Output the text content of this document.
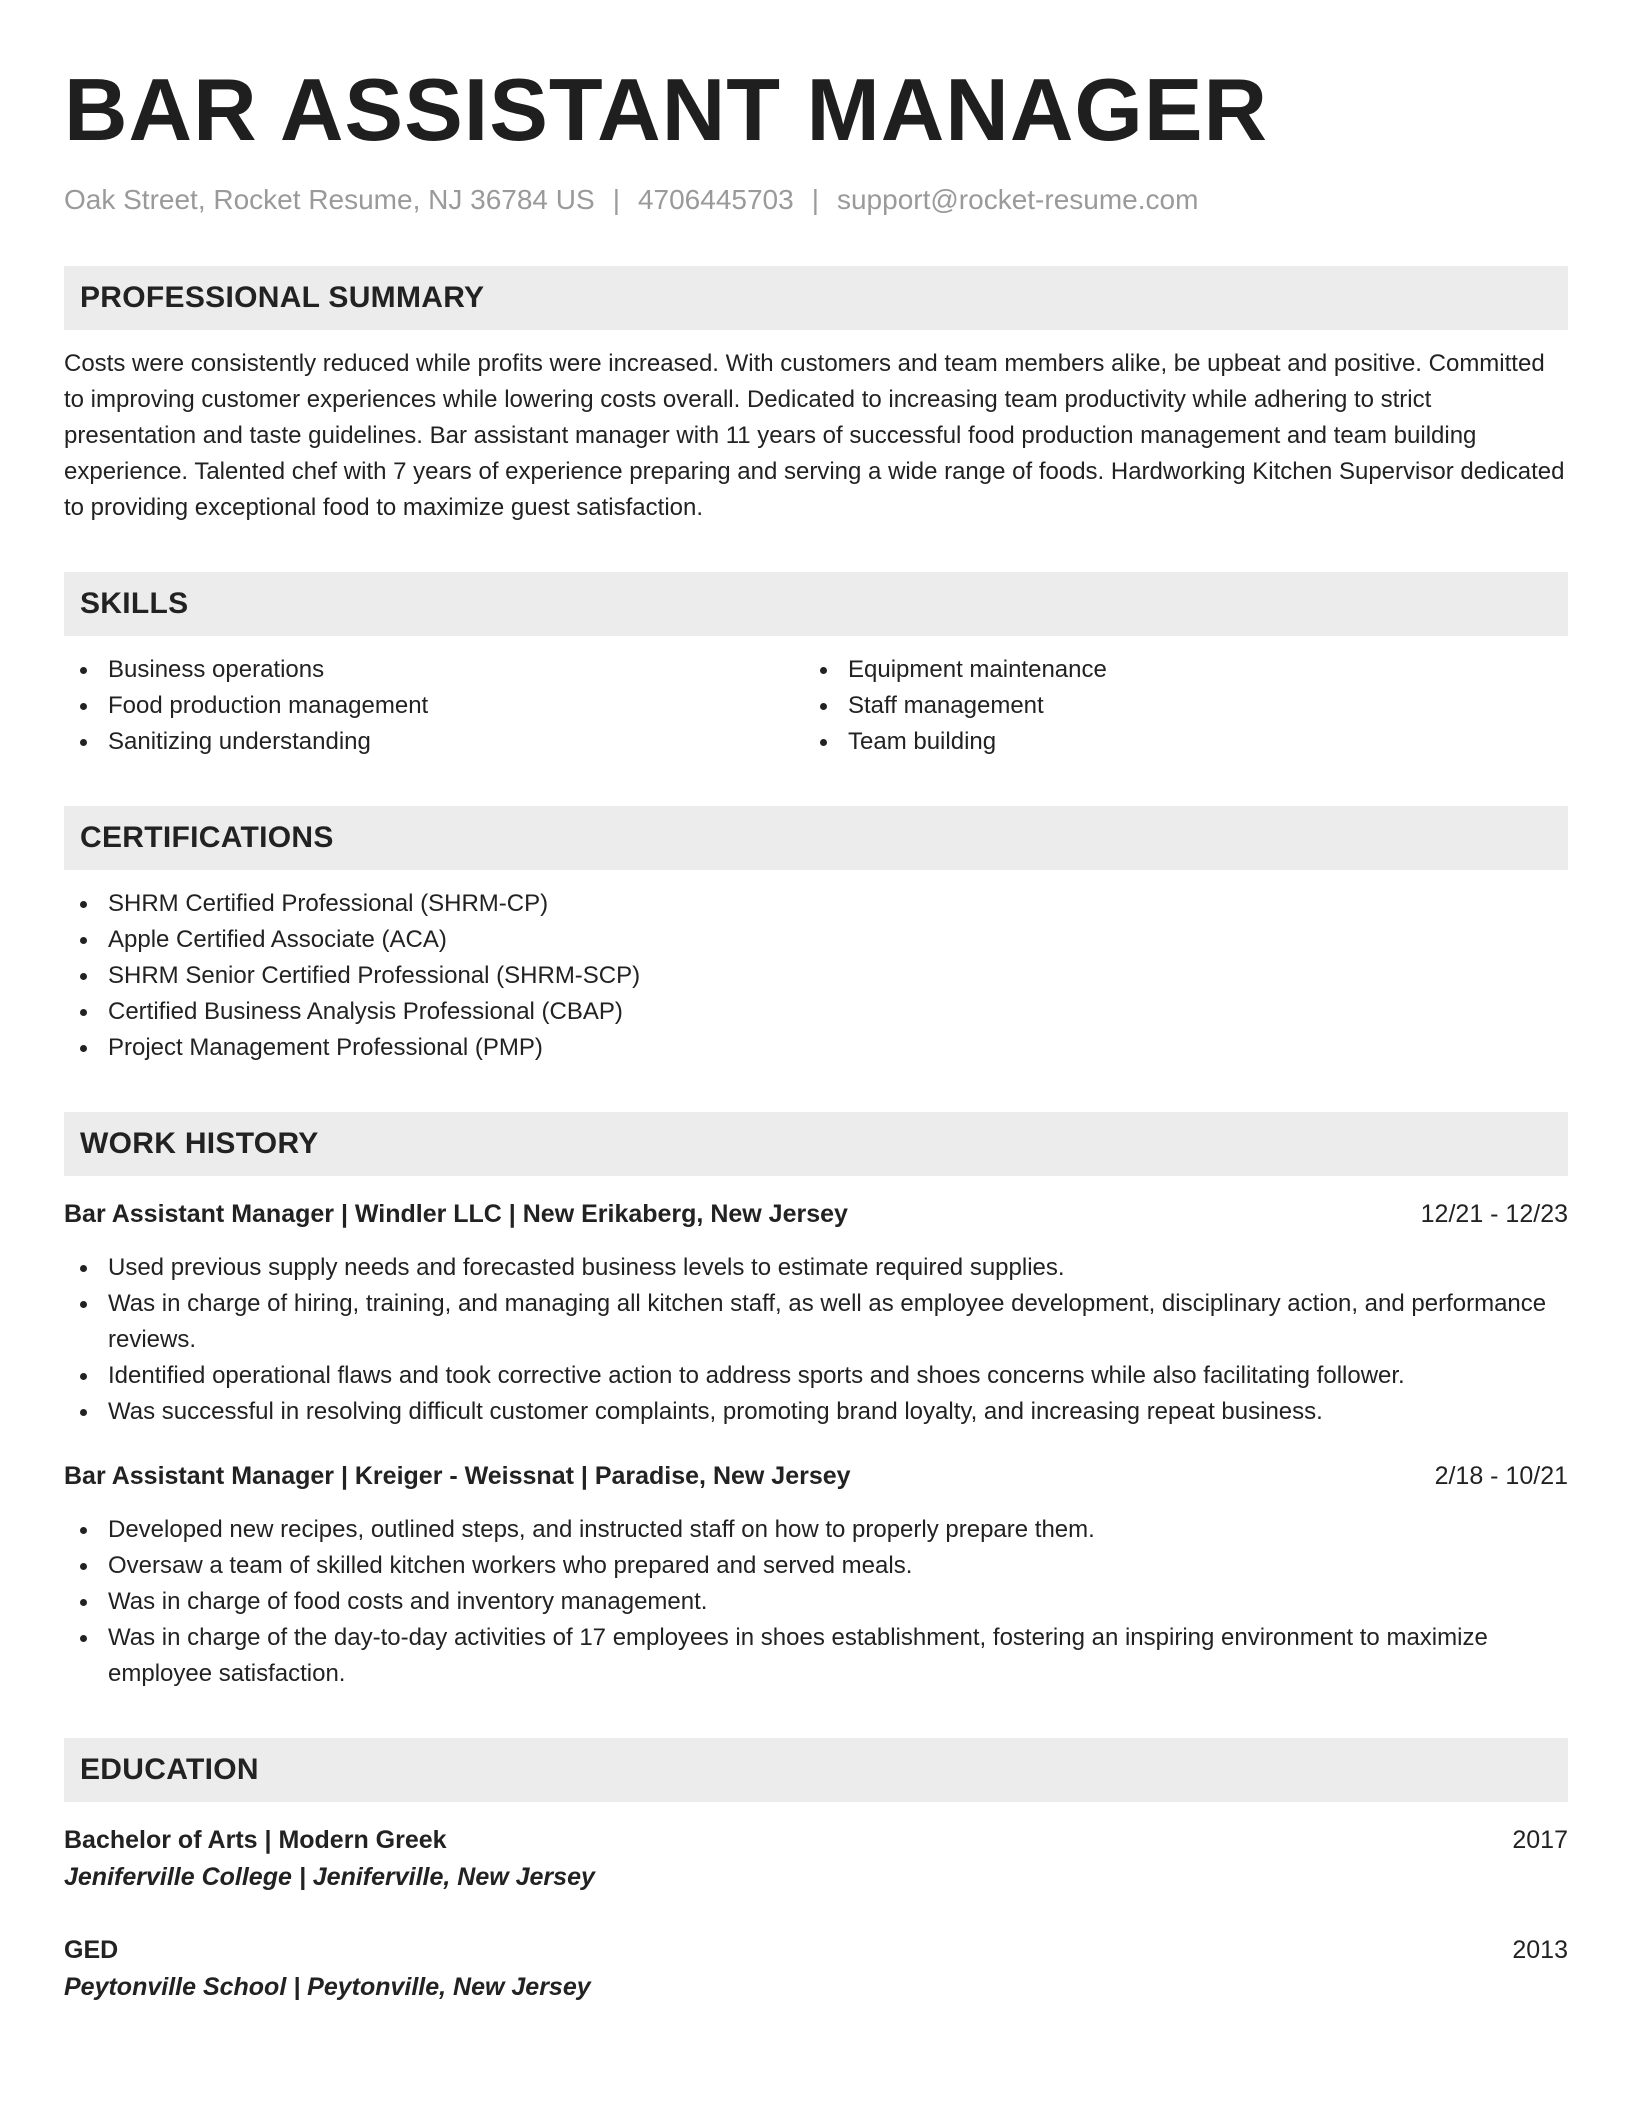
BAR ASSISTANT MANAGER
Oak Street, Rocket Resume, NJ 36784 US | 4706445703 | support@rocket-resume.com
PROFESSIONAL SUMMARY
Costs were consistently reduced while profits were increased. With customers and team members alike, be upbeat and positive. Committed to improving customer experiences while lowering costs overall. Dedicated to increasing team productivity while adhering to strict presentation and taste guidelines. Bar assistant manager with 11 years of successful food production management and team building experience. Talented chef with 7 years of experience preparing and serving a wide range of foods. Hardworking Kitchen Supervisor dedicated to providing exceptional food to maximize guest satisfaction.
SKILLS
Business operations
Food production management
Sanitizing understanding
Equipment maintenance
Staff management
Team building
CERTIFICATIONS
SHRM Certified Professional (SHRM-CP)
Apple Certified Associate (ACA)
SHRM Senior Certified Professional (SHRM-SCP)
Certified Business Analysis Professional (CBAP)
Project Management Professional (PMP)
WORK HISTORY
Bar Assistant Manager | Windler LLC | New Erikaberg, New Jersey	12/21 - 12/23
Used previous supply needs and forecasted business levels to estimate required supplies.
Was in charge of hiring, training, and managing all kitchen staff, as well as employee development, disciplinary action, and performance reviews.
Identified operational flaws and took corrective action to address sports and shoes concerns while also facilitating follower.
Was successful in resolving difficult customer complaints, promoting brand loyalty, and increasing repeat business.
Bar Assistant Manager | Kreiger - Weissnat | Paradise, New Jersey	2/18 - 10/21
Developed new recipes, outlined steps, and instructed staff on how to properly prepare them.
Oversaw a team of skilled kitchen workers who prepared and served meals.
Was in charge of food costs and inventory management.
Was in charge of the day-to-day activities of 17 employees in shoes establishment, fostering an inspiring environment to maximize employee satisfaction.
EDUCATION
Bachelor of Arts | Modern Greek	2017
Jeniferville College | Jeniferville, New Jersey
GED	2013
Peytonville School | Peytonville, New Jersey
